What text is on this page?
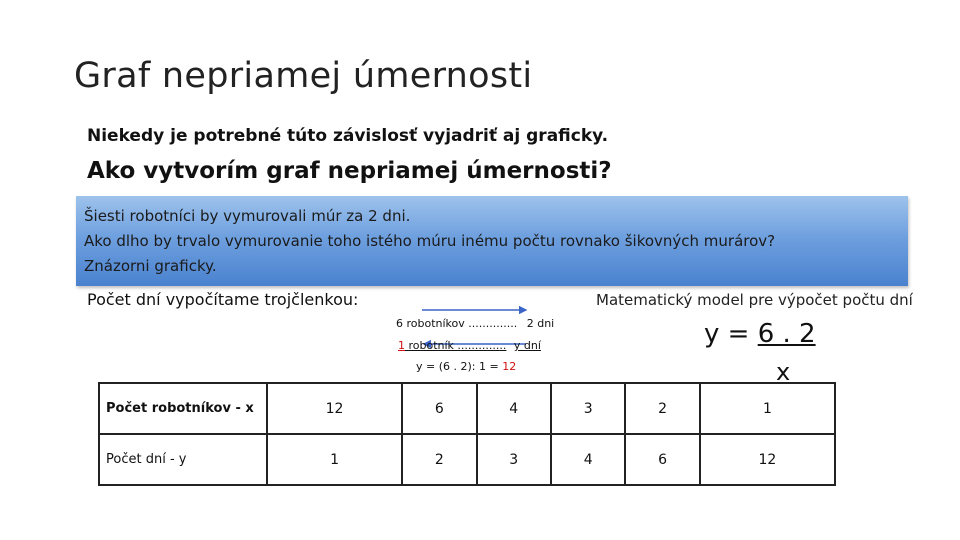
Graf nepriamej úmernosti
Niekedy je potrebné túto závislosť vyjadriť aj graficky.
Ako vytvorím graf nepriamej úmernosti?
Šiesti robotníci by vymurovali múr za 2 dni.
Ako dlho by trvalo vymurovanie toho istého múru inému počtu rovnako šikovných murárov?
Znázorni graficky.
Počet dní vypočítame trojčlenkou:	Matematický model pre výpočet počtu dní
6 robotníkov .............. 2 dni
1 robotník .............. y dní
y = (6 . 2): 1 = 12
y = 6 . 2
x
Počet robotníkov - x	12	6	4	3	2	1
Počet dní - y	1	2	3	4	6	12
